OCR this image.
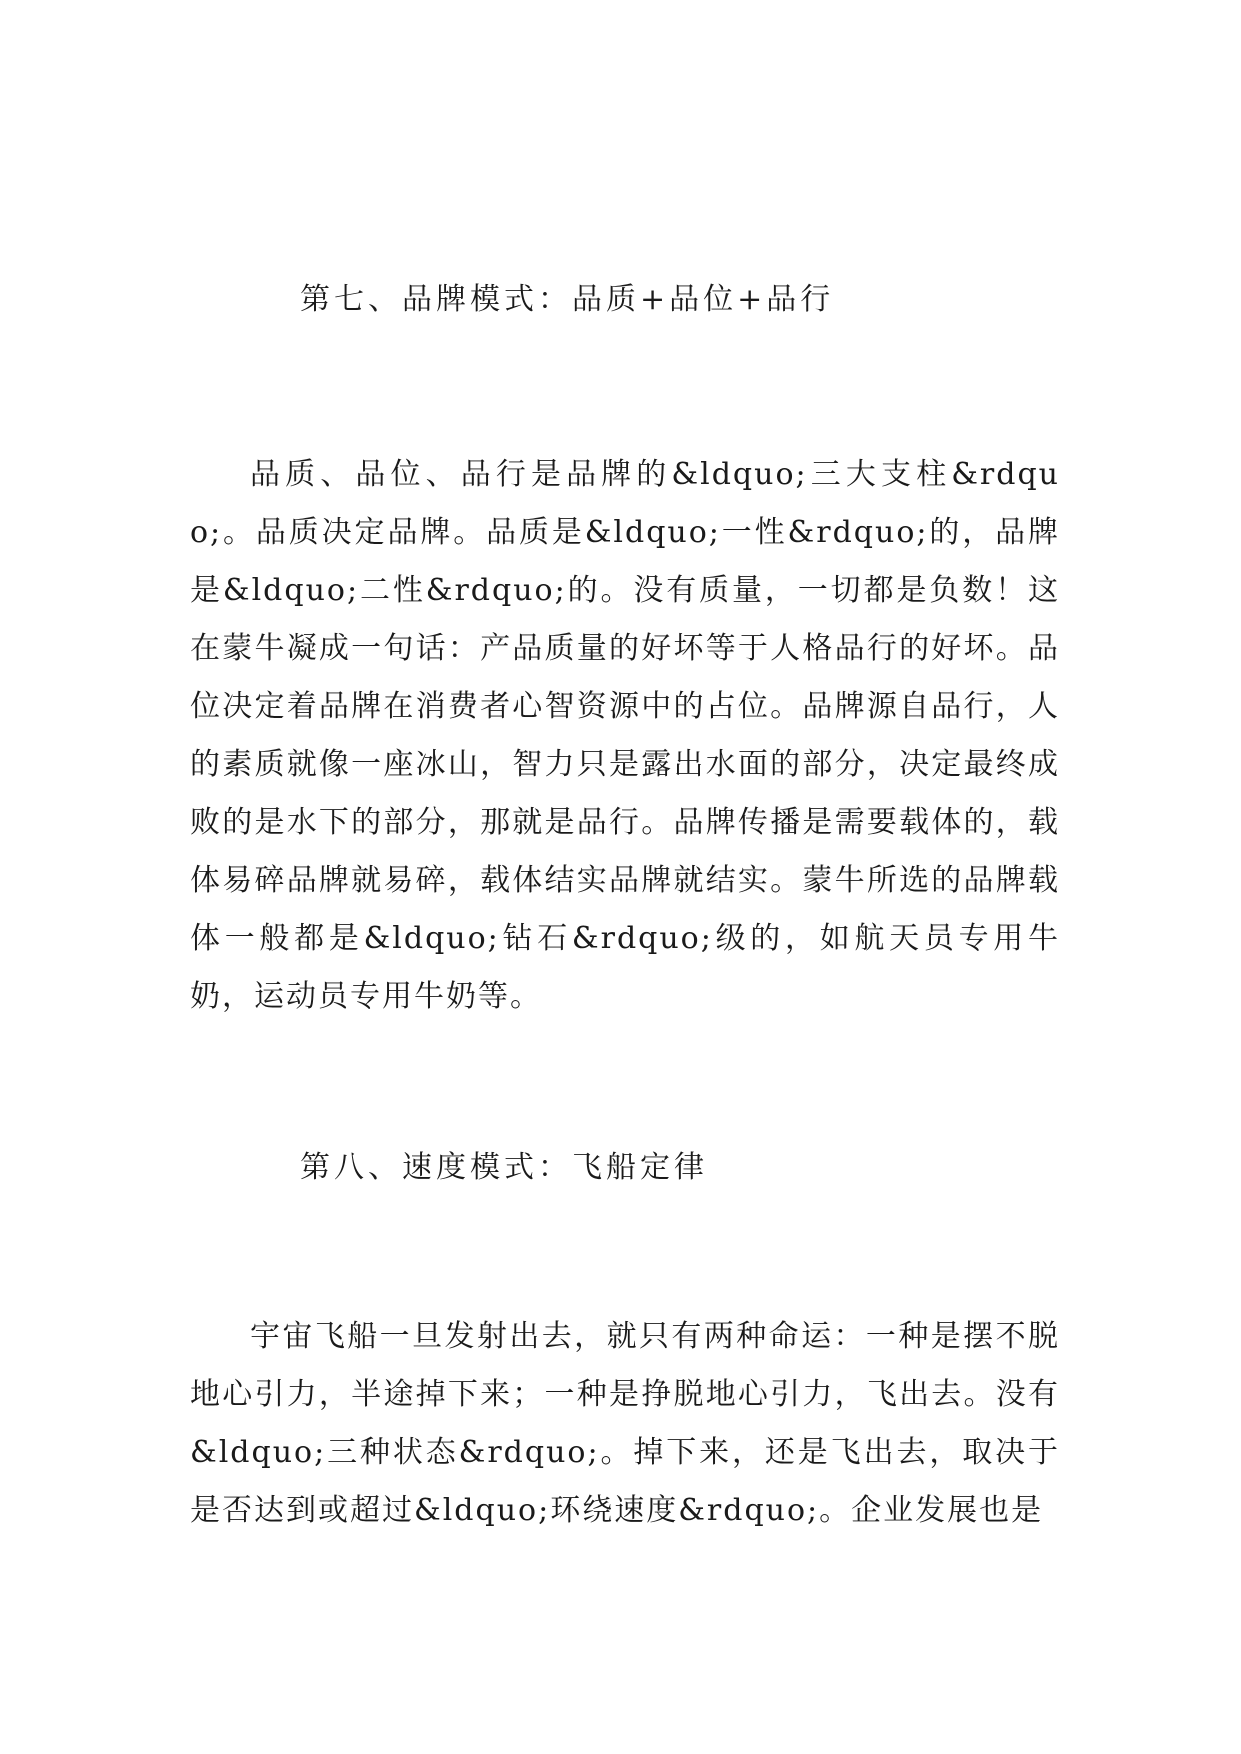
第七、品牌模式：品质+品位+品行

品质、品位、品行是品牌的&ldquo;三大支柱&rdquo;。品质决定品牌。品质是&ldquo;一性&rdquo;的，品牌是&ldquo;二性&rdquo;的。没有质量，一切都是负数！这在蒙牛凝成一句话：产品质量的好坏等于人格品行的好坏。品位决定着品牌在消费者心智资源中的占位。品牌源自品行，人的素质就像一座冰山，智力只是露出水面的部分，决定最终成败的是水下的部分，那就是品行。品牌传播是需要载体的，载体易碎品牌就易碎，载体结实品牌就结实。蒙牛所选的品牌载体一般都是&ldquo;钻石&rdquo;级的，如航天员专用牛奶，运动员专用牛奶等。

第八、速度模式：飞船定律

宇宙飞船一旦发射出去，就只有两种命运：一种是摆不脱地心引力，半途掉下来；一种是挣脱地心引力，飞出去。没有&ldquo;三种状态&rdquo;。掉下来，还是飞出去，取决于是否达到或超过&ldquo;环绕速度&rdquo;。企业发展也是
